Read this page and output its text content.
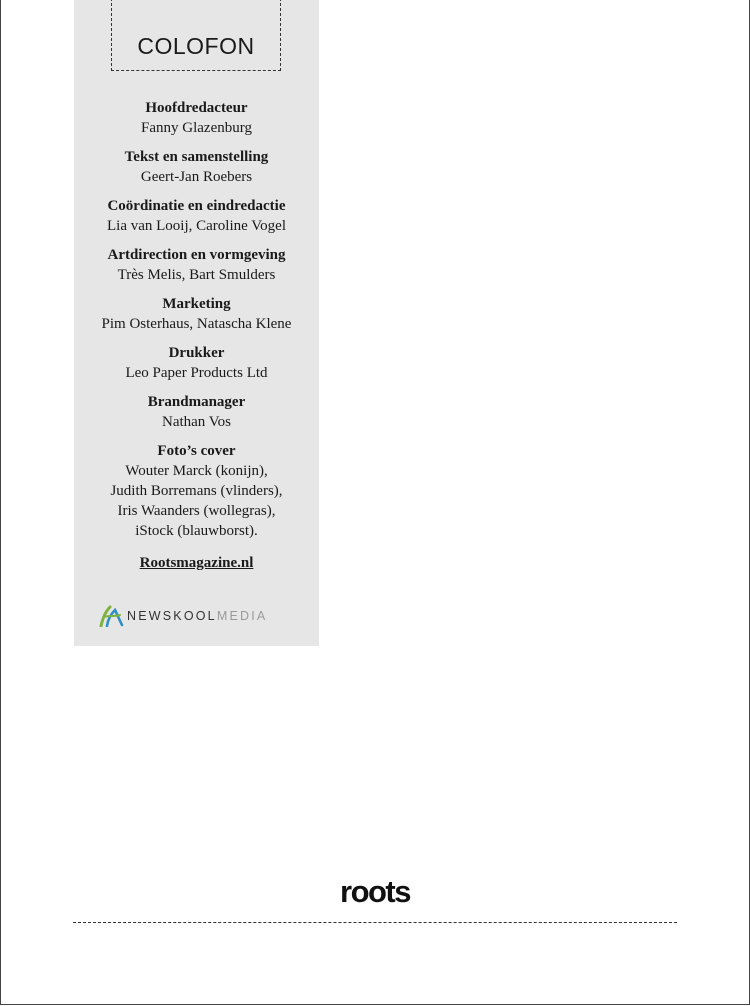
COLOFON
Hoofdredacteur
Fanny Glazenburg
Tekst en samenstelling
Geert-Jan Roebers
Coördinatie en eindredactie
Lia van Looij, Caroline Vogel
Artdirection en vormgeving
Très Melis, Bart Smulders
Marketing
Pim Osterhaus, Natascha Klene
Drukker
Leo Paper Products Ltd
Brandmanager
Nathan Vos
Foto’s cover
Wouter Marck (konijn),
Judith Borremans (vlinders),
Iris Waanders (wollegras),
iStock (blauwborst).
Rootsmagazine.nl
NEWSKOOLMEDIA
roots
